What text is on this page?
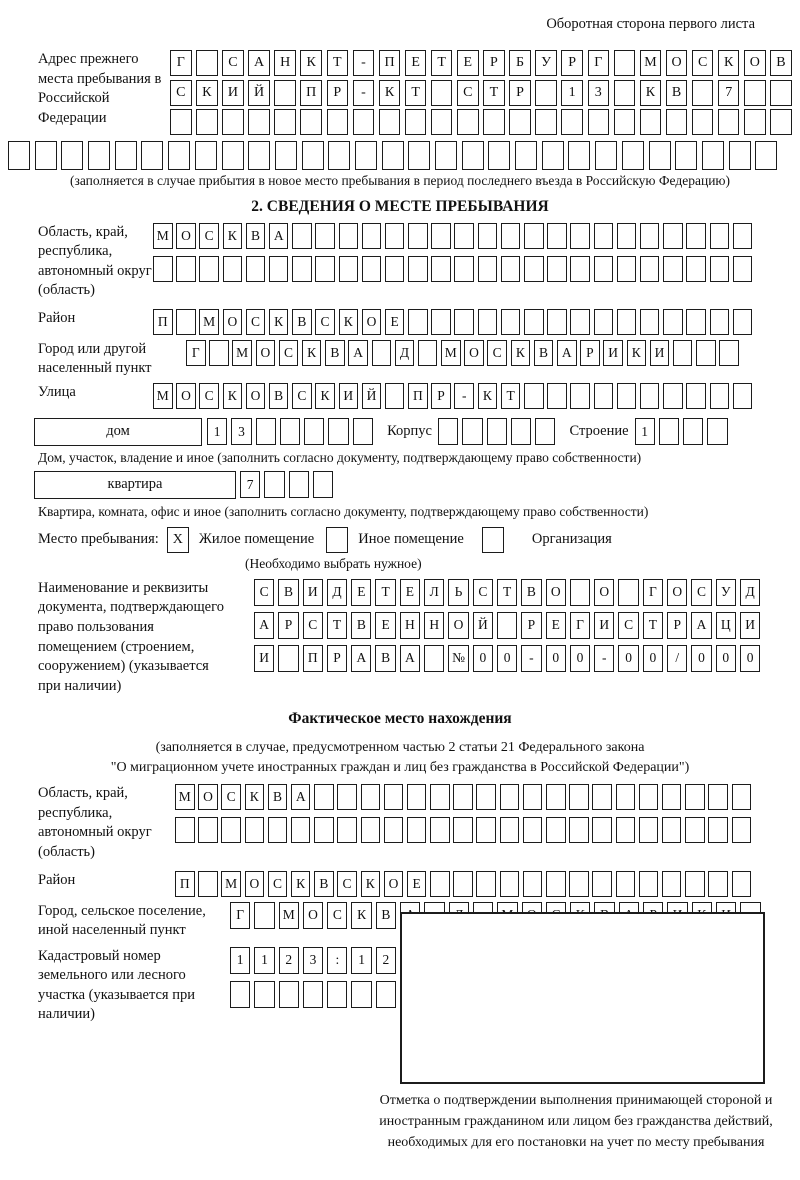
Оборотная сторона первого листа
Адрес прежнего места пребывания в Российской Федерации
Г	С	А	Н	К	Т	-	П	Е	Т	Е	Р	Б	У	Р	Г	М	О	С	К	О	В
С	К	И	Й	П	Р	-	К	Т	С	Т	Р	1	3	К	В	7
(заполняется в случае прибытия в новое место пребывания в период последнего въезда в Российскую Федерацию)
2. СВЕДЕНИЯ О МЕСТЕ ПРЕБЫВАНИЯ
Область, край, республика, автономный округ (область)
М О	С	К	В	А
Район	П	М О	С	К	В	С	К	О	Е
Город или другой населенный пункт
Г	М О	С	К	В	А	Д	М О	С	К	В	А	Р	И	К	И
Улица	М О	С	К	О	В	С	К	И Й	П	Р	-	К	Т
дом	1	3	Корпус	Строение 1
Дом, участок, владение и иное (заполнить согласно документу, подтверждающему право собственности)
квартира	7
Квартира, комната, офис и иное (заполнить согласно документу, подтверждающему право собственности)
Место пребывания: X	Жилое помещение	Иное помещение	Организация
(Необходимо выбрать нужное)
Наименование и реквизиты документа, подтверждающего право пользования помещением (строением, сооружением) (указывается при наличии)
С	В	И	Д	Е	Т	Е	Л	Ь	С	Т	В	О	О	Г	О	С	У	Д
А	Р	С	Т	В	Е	Н	Н	О	Й	Р	Е	Г	И	С	Т	Р	А	Ц	И
И	П	Р	А	В	А	№	0	0	-	0	0	-	0	0	/	0	0	0
Фактическое место нахождения
(заполняется в случае, предусмотренном частью 2 статьи 21 Федерального закона
"О миграционном учете иностранных граждан и лиц без гражданства в Российской Федерации")
Область, край, республика, автономный округ (область)
М О	С	К	В	А
Район	П	М О	С	К	В	С	К	О	Е
Город, сельское поселение, иной населенный пункт
Г	М О	С	К	В
Кадастровый номер земельного или лесного участка (указывается при наличии)
1	1	2	3	:	1	2
Отметка о подтверждении выполнения принимающей стороной и иностранным гражданином или лицом без гражданства действий, необходимых для его постановки на учет по месту пребывания
